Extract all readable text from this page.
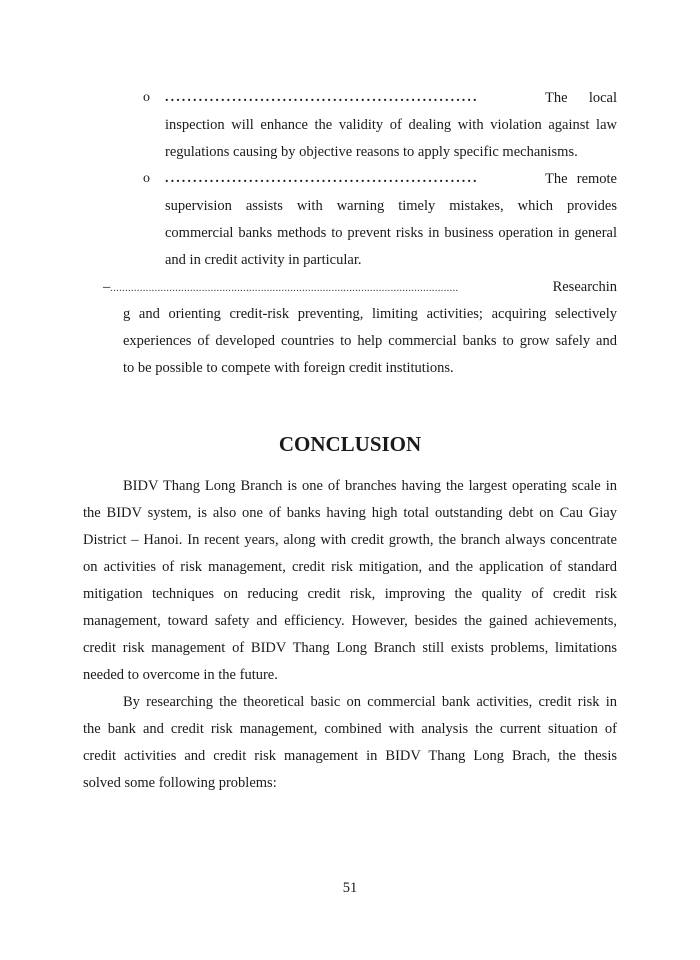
o ........................................................	The local
inspection will enhance the validity of dealing with violation against law
regulations causing by objective reasons to apply specific mechanisms.
o ........................................................	The remote
supervision assists with warning timely mistakes, which provides
commercial banks methods to prevent risks in business operation in general
and in credit activity in particular.
– ......................................................................................................................	Researchin
g and orienting credit-risk preventing, limiting activities; acquiring selectively
experiences of developed countries to help commercial banks to grow safely and
to be possible to compete with foreign credit institutions.
CONCLUSION
BIDV Thang Long Branch is one of branches having the largest operating scale in
the BIDV system, is also one of banks having high total outstanding debt on Cau Giay
District – Hanoi. In recent years, along with credit growth, the branch always concentrate
on activities of risk management, credit risk mitigation, and the application of standard
mitigation techniques on reducing credit risk, improving the quality of credit risk
management, toward safety and efficiency. However, besides the gained achievements,
credit risk management of BIDV Thang Long Branch still exists problems, limitations
needed to overcome in the future.
By researching the theoretical basic on commercial bank activities, credit risk in
the bank and credit risk management, combined with analysis the current situation of
credit activities and credit risk management in BIDV Thang Long Brach, the thesis
solved some following problems:
51
